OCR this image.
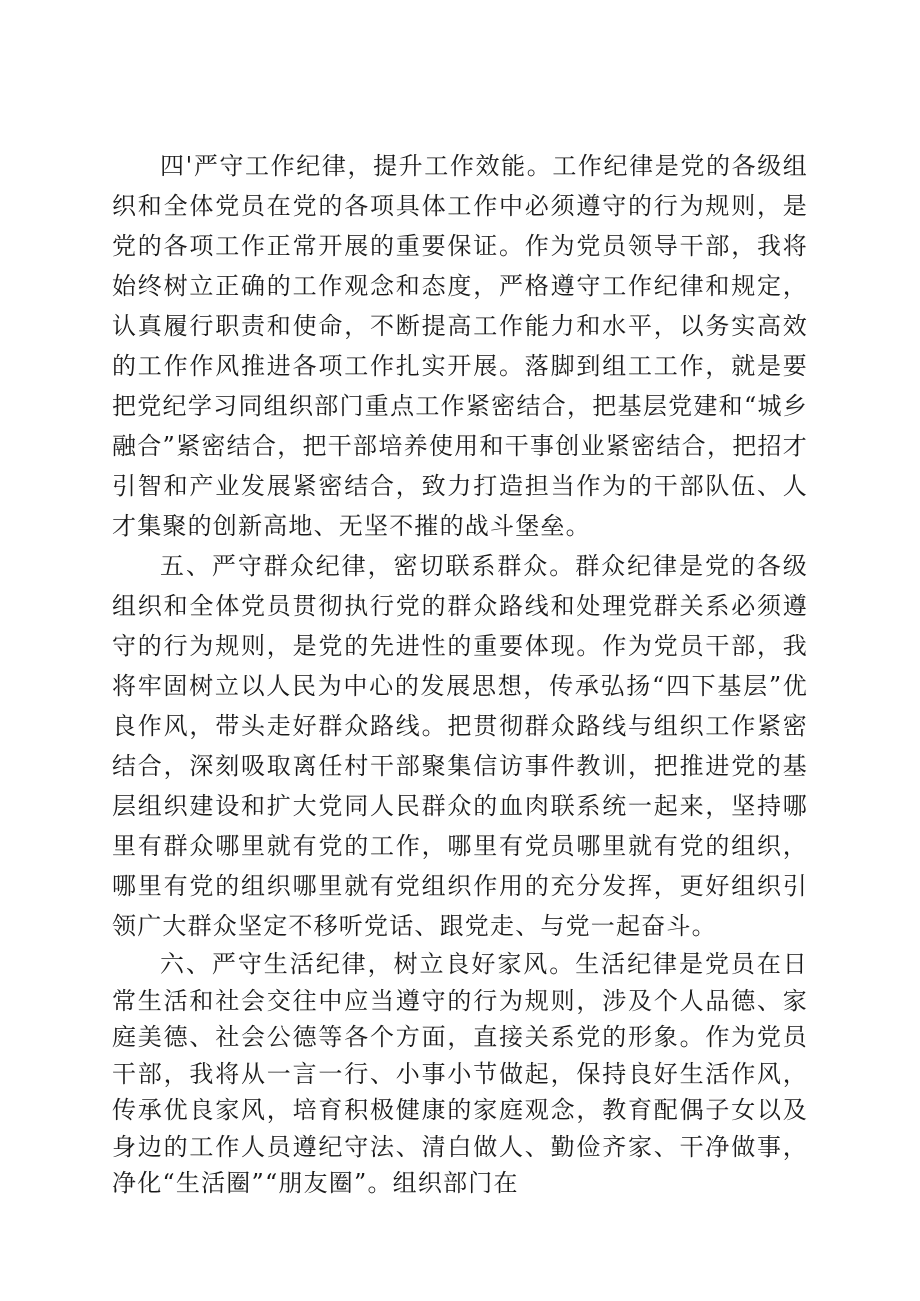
四'严守工作纪律，提升工作效能。工作纪律是党的各级组织和全体党员在党的各项具体工作中必须遵守的行为规则，是党的各项工作正常开展的重要保证。作为党员领导干部，我将始终树立正确的工作观念和态度，严格遵守工作纪律和规定，认真履行职责和使命，不断提高工作能力和水平，以务实高效的工作作风推进各项工作扎实开展。落脚到组工工作，就是要把党纪学习同组织部门重点工作紧密结合，把基层党建和“城乡融合”紧密结合，把干部培养使用和干事创业紧密结合，把招才引智和产业发展紧密结合，致力打造担当作为的干部队伍、人才集聚的创新高地、无坚不摧的战斗堡垒。

五、严守群众纪律，密切联系群众。群众纪律是党的各级组织和全体党员贯彻执行党的群众路线和处理党群关系必须遵守的行为规则，是党的先进性的重要体现。作为党员干部，我将牢固树立以人民为中心的发展思想，传承弘扬“四下基层”优良作风，带头走好群众路线。把贯彻群众路线与组织工作紧密结合，深刻吸取离任村干部聚集信访事件教训，把推进党的基层组织建设和扩大党同人民群众的血肉联系统一起来，坚持哪里有群众哪里就有党的工作，哪里有党员哪里就有党的组织，哪里有党的组织哪里就有党组织作用的充分发挥，更好组织引领广大群众坚定不移听党话、跟党走、与党一起奋斗。

六、严守生活纪律，树立良好家风。生活纪律是党员在日常生活和社会交往中应当遵守的行为规则，涉及个人品德、家庭美德、社会公德等各个方面，直接关系党的形象。作为党员干部，我将从一言一行、小事小节做起，保持良好生活作风，传承优良家风，培育积极健康的家庭观念，教育配偶子女以及身边的工作人员遵纪守法、清白做人、勤俭齐家、干净做事，净化“生活圈”“朋友圈”。组织部门在
